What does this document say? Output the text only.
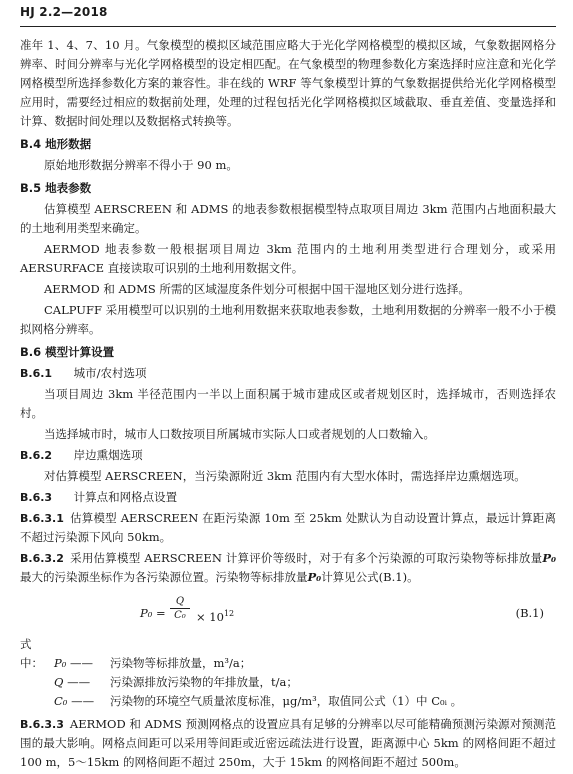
HJ 2.2—2018

准年 1、4、7、10 月。气象模型的模拟区域范围应略大于光化学网格模型的模拟区域，气象数据网格分辨率、时间分辨率与光化学网格模型的设定相匹配。在气象模型的物理参数化方案选择时应注意和光化学网格模型所选择参数化方案的兼容性。非在线的 WRF 等气象模型计算的气象数据提供给光化学网格模型应用时，需要经过相应的数据前处理，处理的过程包括光化学网格模拟区域截取、垂直差值、变量选择和计算、数据时间处理以及数据格式转换等。

B.4 地形数据

原始地形数据分辨率不得小于 90 m。

B.5 地表参数

估算模型 AERSCREEN 和 ADMS 的地表参数根据模型特点取项目周边 3km 范围内占地面积最大的土地利用类型来确定。

AERMOD 地表参数一般根据项目周边 3km 范围内的土地利用类型进行合理划分，或采用 AERSURFACE 直接读取可识别的土地利用数据文件。

AERMOD 和 ADMS 所需的区域湿度条件划分可根据中国干湿地区划分进行选择。

CALPUFF 采用模型可以识别的土地利用数据来获取地表参数，土地利用数据的分辨率一般不小于模拟网格分辨率。

B.6 模型计算设置
B.6.1 城市/农村选项

当项目周边 3km 半径范围内一半以上面积属于城市建成区或者规划区时，选择城市，否则选择农村。

当选择城市时，城市人口数按项目所属城市实际人口或者规划的人口数输入。

B.6.2 岸边熏烟选项

对估算模型 AERSCREEN，当污染源附近 3km 范围内有大型水体时，需选择岸边熏烟选项。

B.6.3 计算点和网格点设置

B.6.3.1 估算模型 AERSCREEN 在距污染源 10m 至 25km 处默认为自动设置计算点，最远计算距离不超过污染源下风向 50km。

B.6.3.2 采用估算模型 AERSCREEN 计算评价等级时，对于有多个污染源的可取污染物等标排放量P₀最大的污染源坐标作为各污染源位置。污染物等标排放量P₀计算见公式(B.1)。

$P_0 = \frac{Q}{\text{C₀}} \times 10^{12}$	(B.1)
式中： P₀ —— 污染物等标排放量，m³/a；
Q —— 污染源排放污染物的年排放量，t/a；
C₀ —— 污染物的环境空气质量浓度标准，μg/m³，取值同公式（1）中 C₀ᵢ 。

B.6.3.3 AERMOD 和 ADMS 预测网格点的设置应具有足够的分辨率以尽可能精确预测污染源对预测范围的最大影响。网格点间距可以采用等间距或近密远疏法进行设置，距离源中心 5km 的网格间距不超过 100 m，5～15km 的网格间距不超过 250m，大于 15km 的网格间距不超过 500m。
